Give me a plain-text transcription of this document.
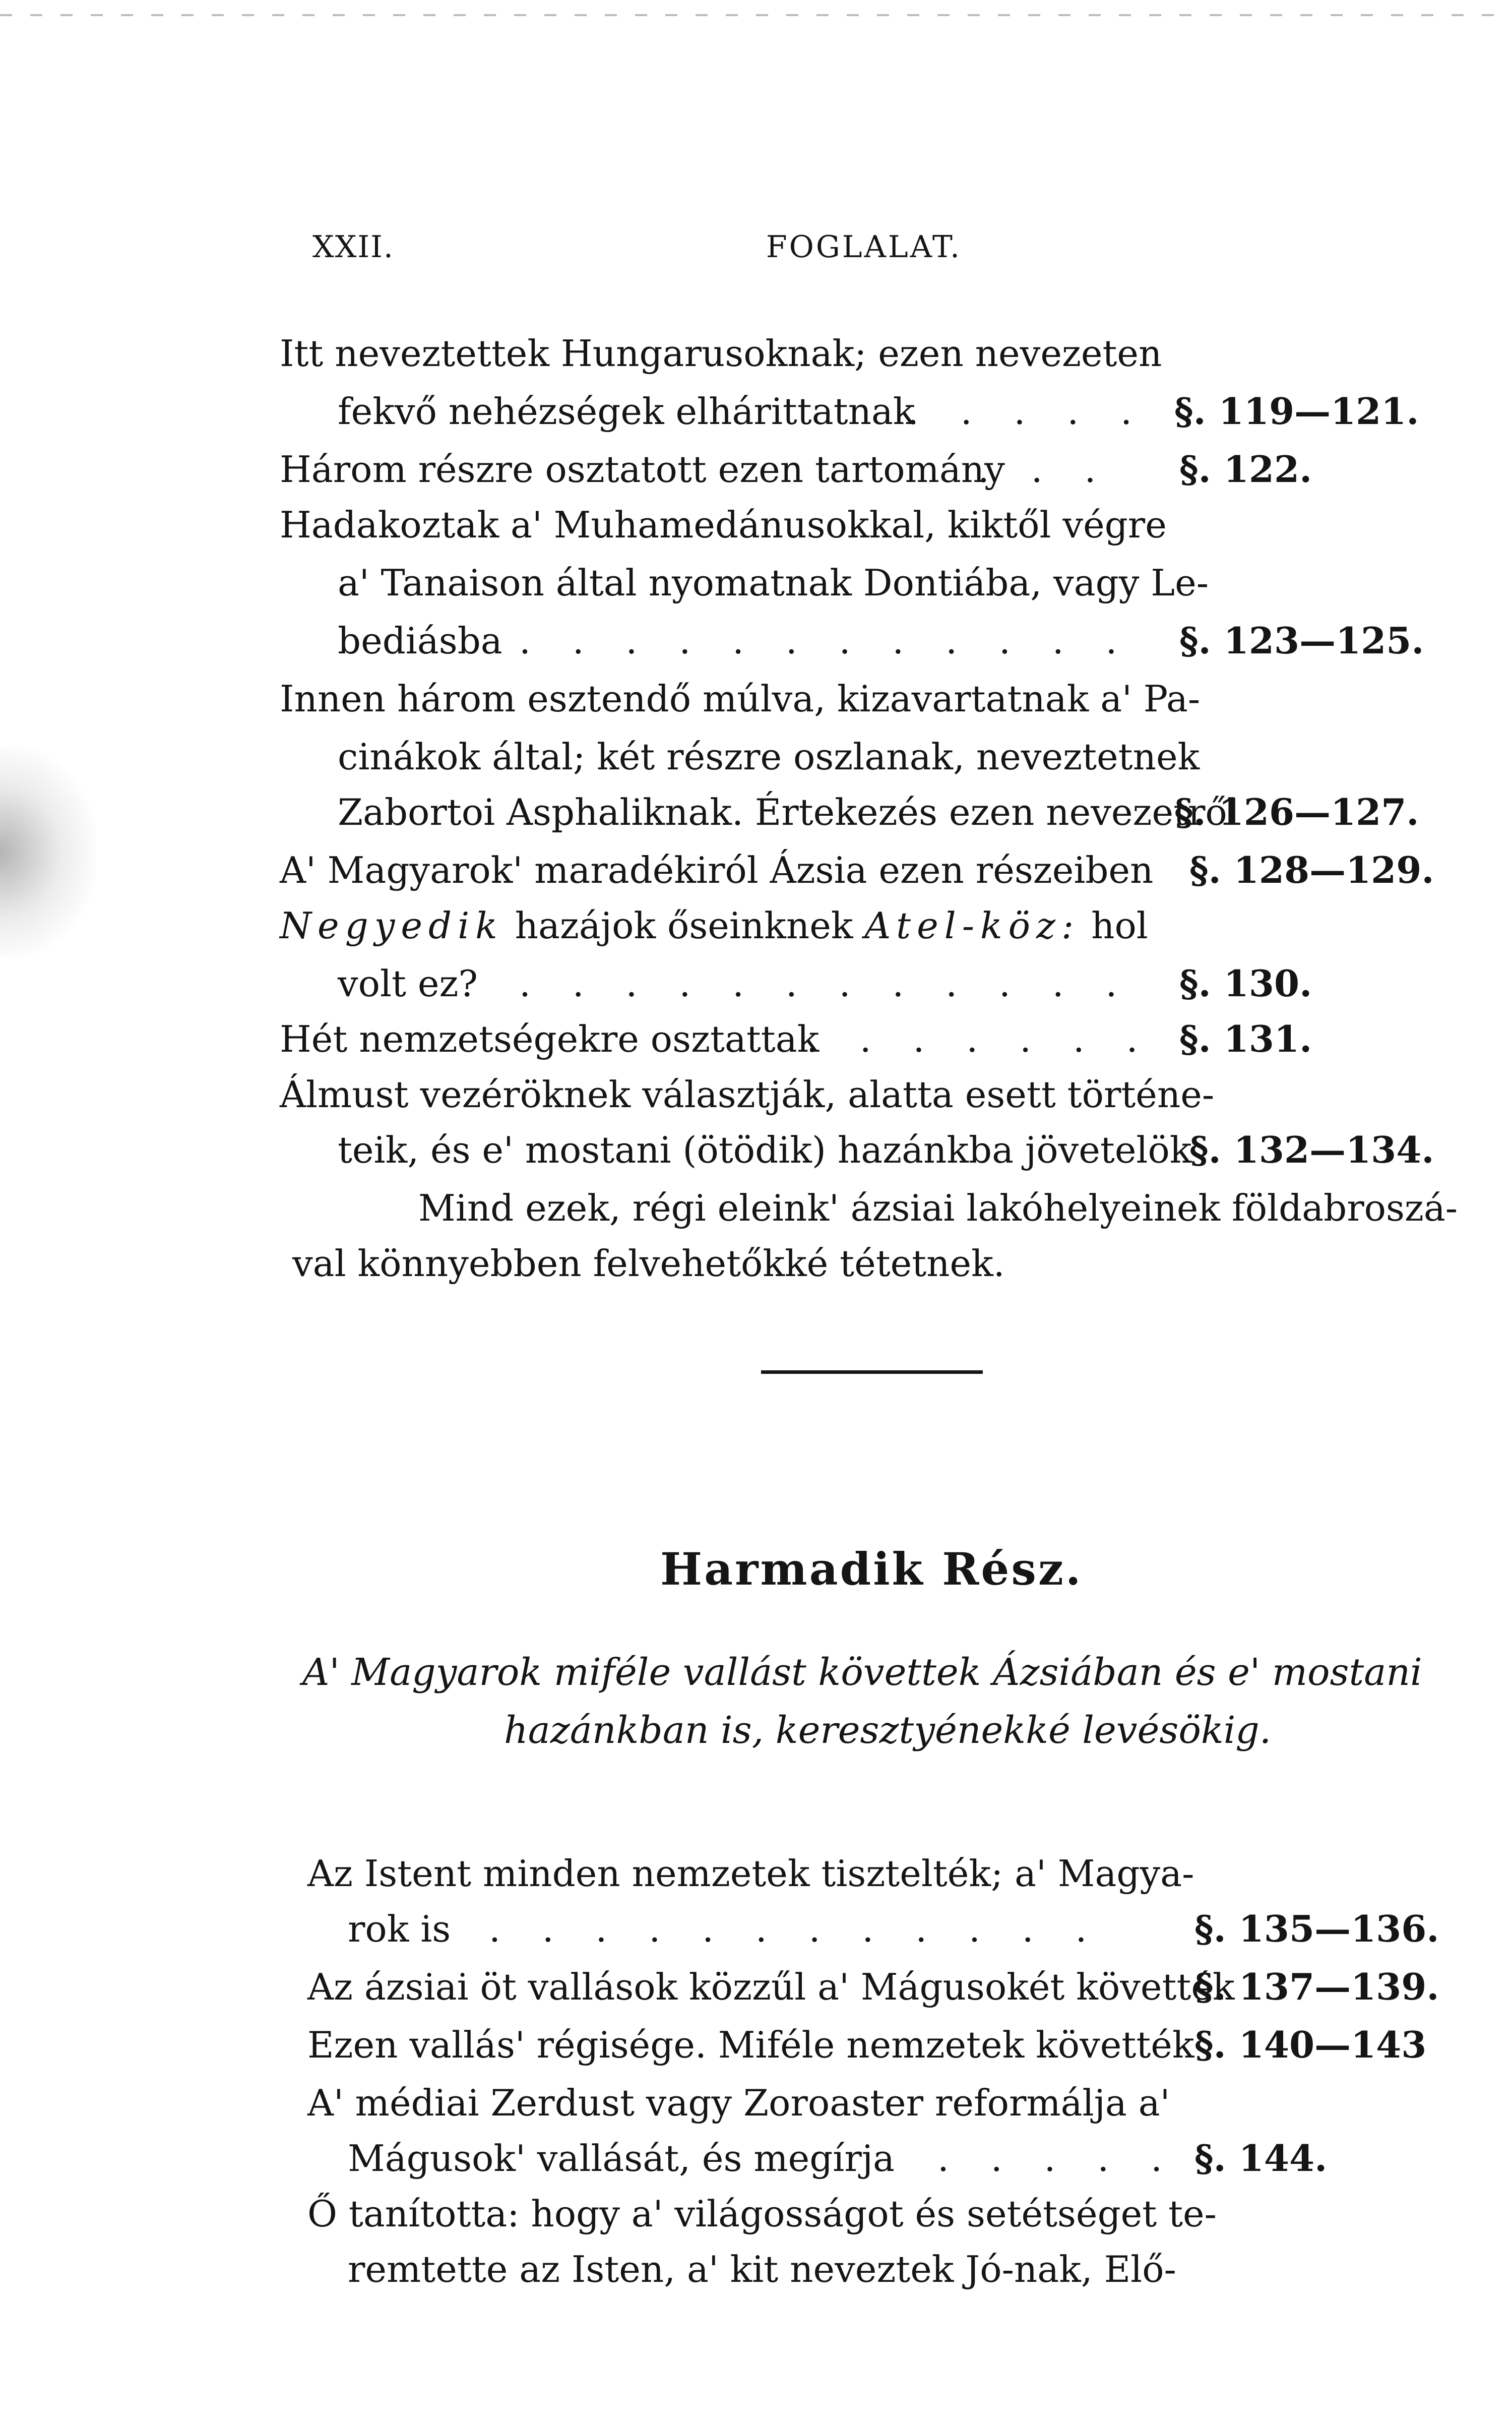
XXII.	FOGLALAT.
Itt neveztettek Hungarusoknak; ezen nevezeten
fekvő nehézségek elhárittatnak
. . . . . §. 119—121.
Három részre osztatott ezen tartomány
. . . §. 122.
Hadakoztak a' Muhamedánusokkal, kiktől végre
a' Tanaison által nyomatnak Dontiába, vagy Le-
bediásba . . . . . . . . . . . . §. 123—125.
Innen három esztendő múlva, kizavartatnak a' Pa-
cinákok által; két részre oszlanak, neveztetnek
Zabortoi Asphaliknak. Értekezés ezen nevezetről
§. 126—127.
A' Magyarok' maradékiról Ázsia ezen részeiben §. 128—129.
Negyedik hazájok őseinknek Atel-köz: hol
volt ez? . . . . . . . . . . . . §. 130.
Hét nemzetségekre osztattak
. . . . . . . §. 131.
Álmust vezéröknek választják, alatta esett történe-
teik, és e' mostani (ötödik) hazánkba jövetelök
§. 132—134.
Mind ezek, régi eleink' ázsiai lakóhelyeinek földabroszá-
val könnyebben felvehetőkké tétetnek.
Harmadik Rész.
A' Magyarok miféle vallást követtek Ázsiában és e' mostani
hazánkban is, keresztyénekké levésökig.
Az Istent minden nemzetek tisztelték; a' Magya-
rok is . . . . . . . . . . . .	§. 135—136.
Az ázsiai öt vallások közzűl a' Mágusokét követték
§. 137—139.
Ezen vallás' régisége. Miféle nemzetek követték §. 140—143
A' médiai Zerdust vagy Zoroaster reformálja a'
Mágusok' vallását, és megírja . . . . . §. 144.
Ő tanította: hogy a' világosságot és setétséget te-
remtette az Isten, a' kit neveztek Jó-nak, Elő-
